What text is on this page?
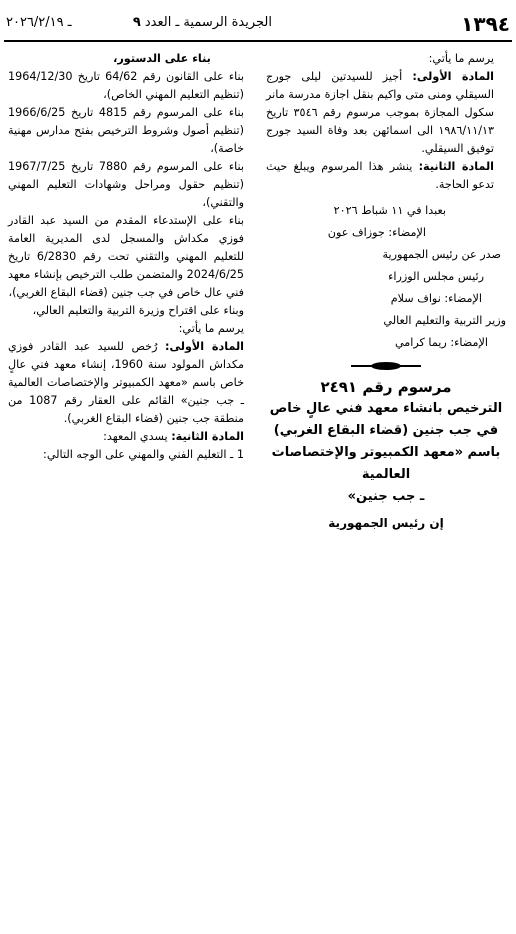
١٣٩٤
الجريدة الرسمية ـ العدد ٩
ـ ٢٠٢٦/٢/١٩

يرسم ما يأتي:

المادة الأولى: أجيز للسيدتين ليلى جورج السيقلي ومنى متى واكيم بنقل اجازة مدرسة مانر سكول المجازة بموجب مرسوم رقم ٣٥٤٦ تاريخ ١٩٨٦/١١/١٣ الى اسمائهن بعد وفاة السيد جورج توفيق السيقلي.

المادة الثانية: ينشر هذا المرسوم ويبلغ حيث تدعو الحاجة.

بعبدا في ١١ شباط ٢٠٢٦

الإمضاء: جوزاف عون

صدر عن رئيس الجمهورية

رئيس مجلس الوزراء

الإمضاء: نواف سلام

وزير التربية والتعليم العالي

الإمضاء: ريما كرامي

مرسوم رقم ٢٤٩١

الترخيص بانشاء معهد فني عالٍ خاص

في جب جنين (قضاء البقاع الغربي)

باسم «معهد الكمبيوتر والإختصاصات العالمية

ـ جب جنين»

إن رئيس الجمهورية

بناء على الدستور،

بناء على القانون رقم 64/62 تاريخ 1964/12/30 (تنظيم التعليم المهني الخاص)،

بناء على المرسوم رقم 4815 تاريخ 1966/6/25 (تنظيم أصول وشروط الترخيص بفتح مدارس مهنية خاصة)،

بناء على المرسوم رقم 7880 تاريخ 1967/7/25 (تنظيم حقول ومراحل وشهادات التعليم المهني والتقني)،

بناء على الإستدعاء المقدم من السيد عبد القادر فوزي مكداش والمسجل لدى المديرية العامة للتعليم المهني والتقني تحت رقم 6/2830 تاريخ 2024/6/25 والمتضمن طلب الترخيص بإنشاء معهد فني عال خاص في جب جنين (قضاء البقاع الغربي)،

وبناء على اقتراح وزيرة التربية والتعليم العالي،

يرسم ما يأتي:

المادة الأولى: رُخص للسيد عبد القادر فوزي مكداش المولود سنة 1960، إنشاء معهد فني عالٍ خاص باسم «معهد الكمبيوتر والإختصاصات العالمية ـ جب جنين» القائم على العقار رقم 1087 من منطقة جب جنين (قضاء البقاع الغربي).

المادة الثانية: يسدي المعهد:

1 ـ التعليم الفني والمهني على الوجه التالي:
